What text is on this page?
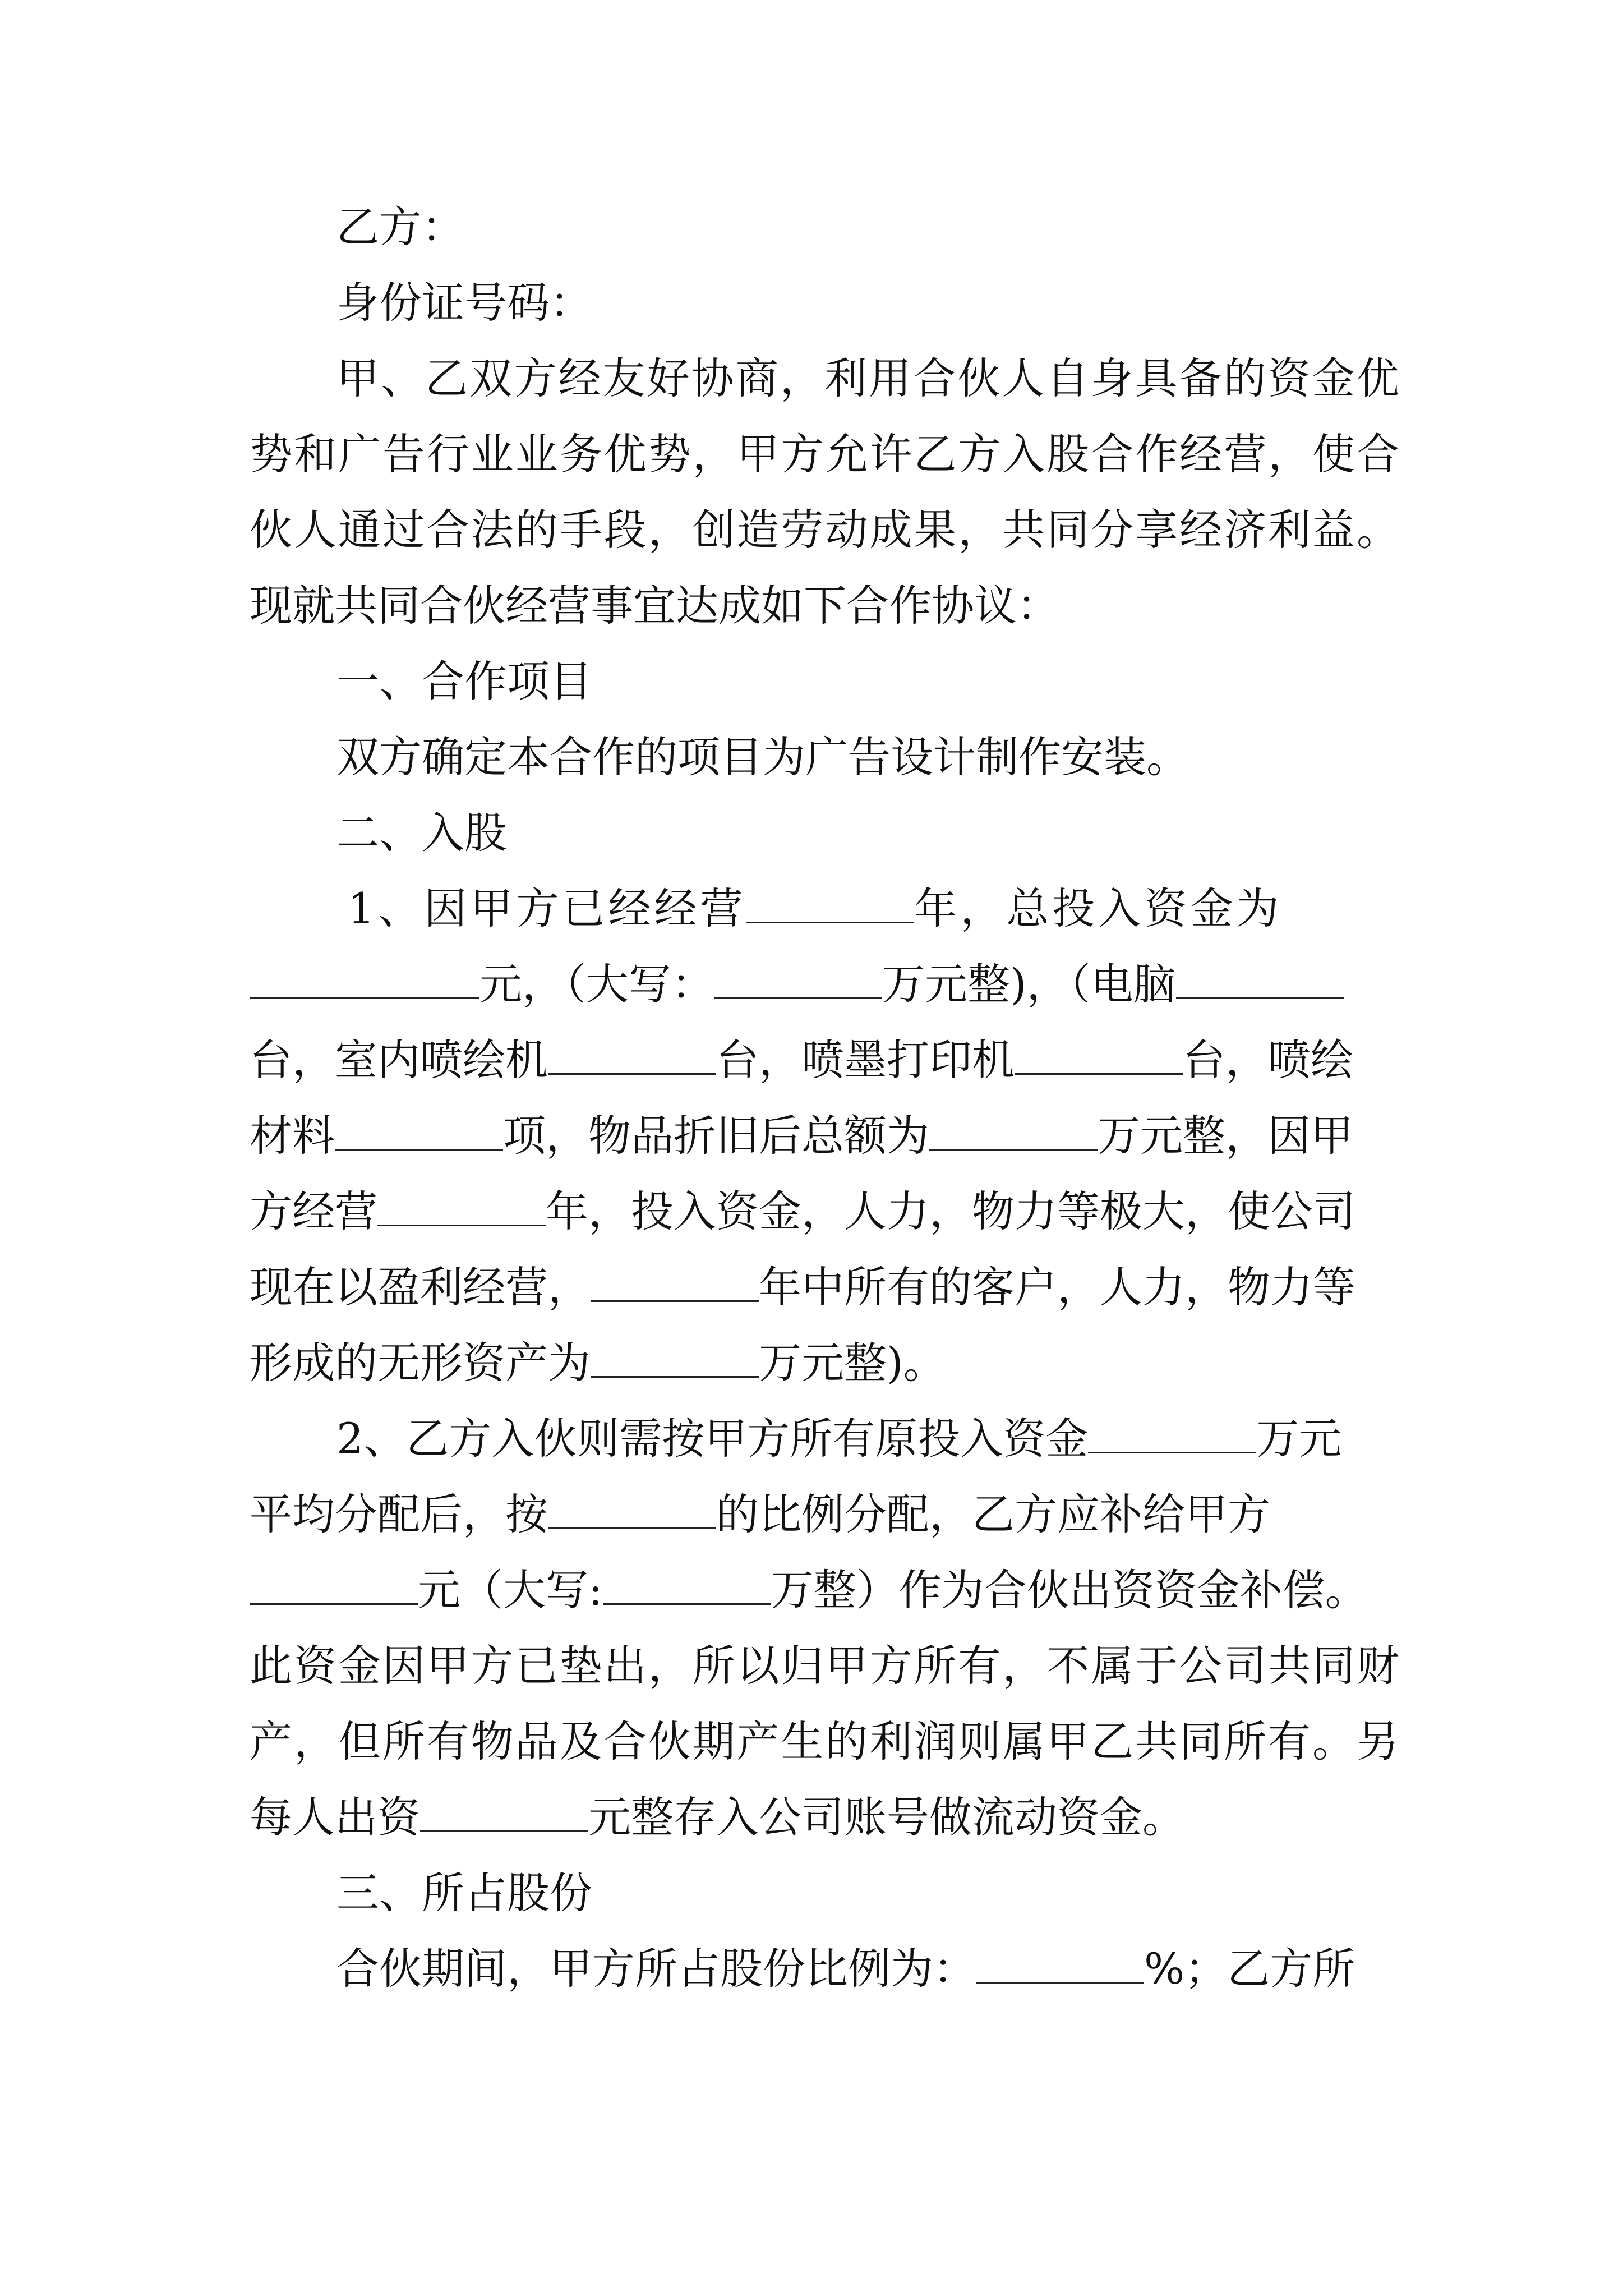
乙方：
身份证号码：
甲、乙双方经友好协商，利用合伙人自身具备的资金优
势和广告行业业务优势，甲方允许乙方入股合作经营，使合
伙人通过合法的手段，创造劳动成果，共同分享经济利益。
现就共同合伙经营事宜达成如下合作协议：
一、合作项目
双方确定本合作的项目为广告设计制作安装。
二、入股
1、因甲方已经经营	年，总投入资金为
元，（大写：	万元整)，（电脑
台，室内喷绘机	台，喷墨打印机	台，喷绘
材料	项，物品折旧后总额为	万元整，因甲
方经营	年，投入资金，人力，物力等极大，使公司
现在以盈利经营，	年中所有的客户，人力，物力等
形成的无形资产为	万元整)。
2、乙方入伙则需按甲方所有原投入资金	万元
平均分配后，按	的比例分配，乙方应补给甲方
元（大写:	万整）作为合伙出资资金补偿。
此资金因甲方已垫出，所以归甲方所有，不属于公司共同财
产，但所有物品及合伙期产生的利润则属甲乙共同所有。另
每人出资	元整存入公司账号做流动资金。
三、所占股份
合伙期间，甲方所占股份比例为：	%；乙方所
